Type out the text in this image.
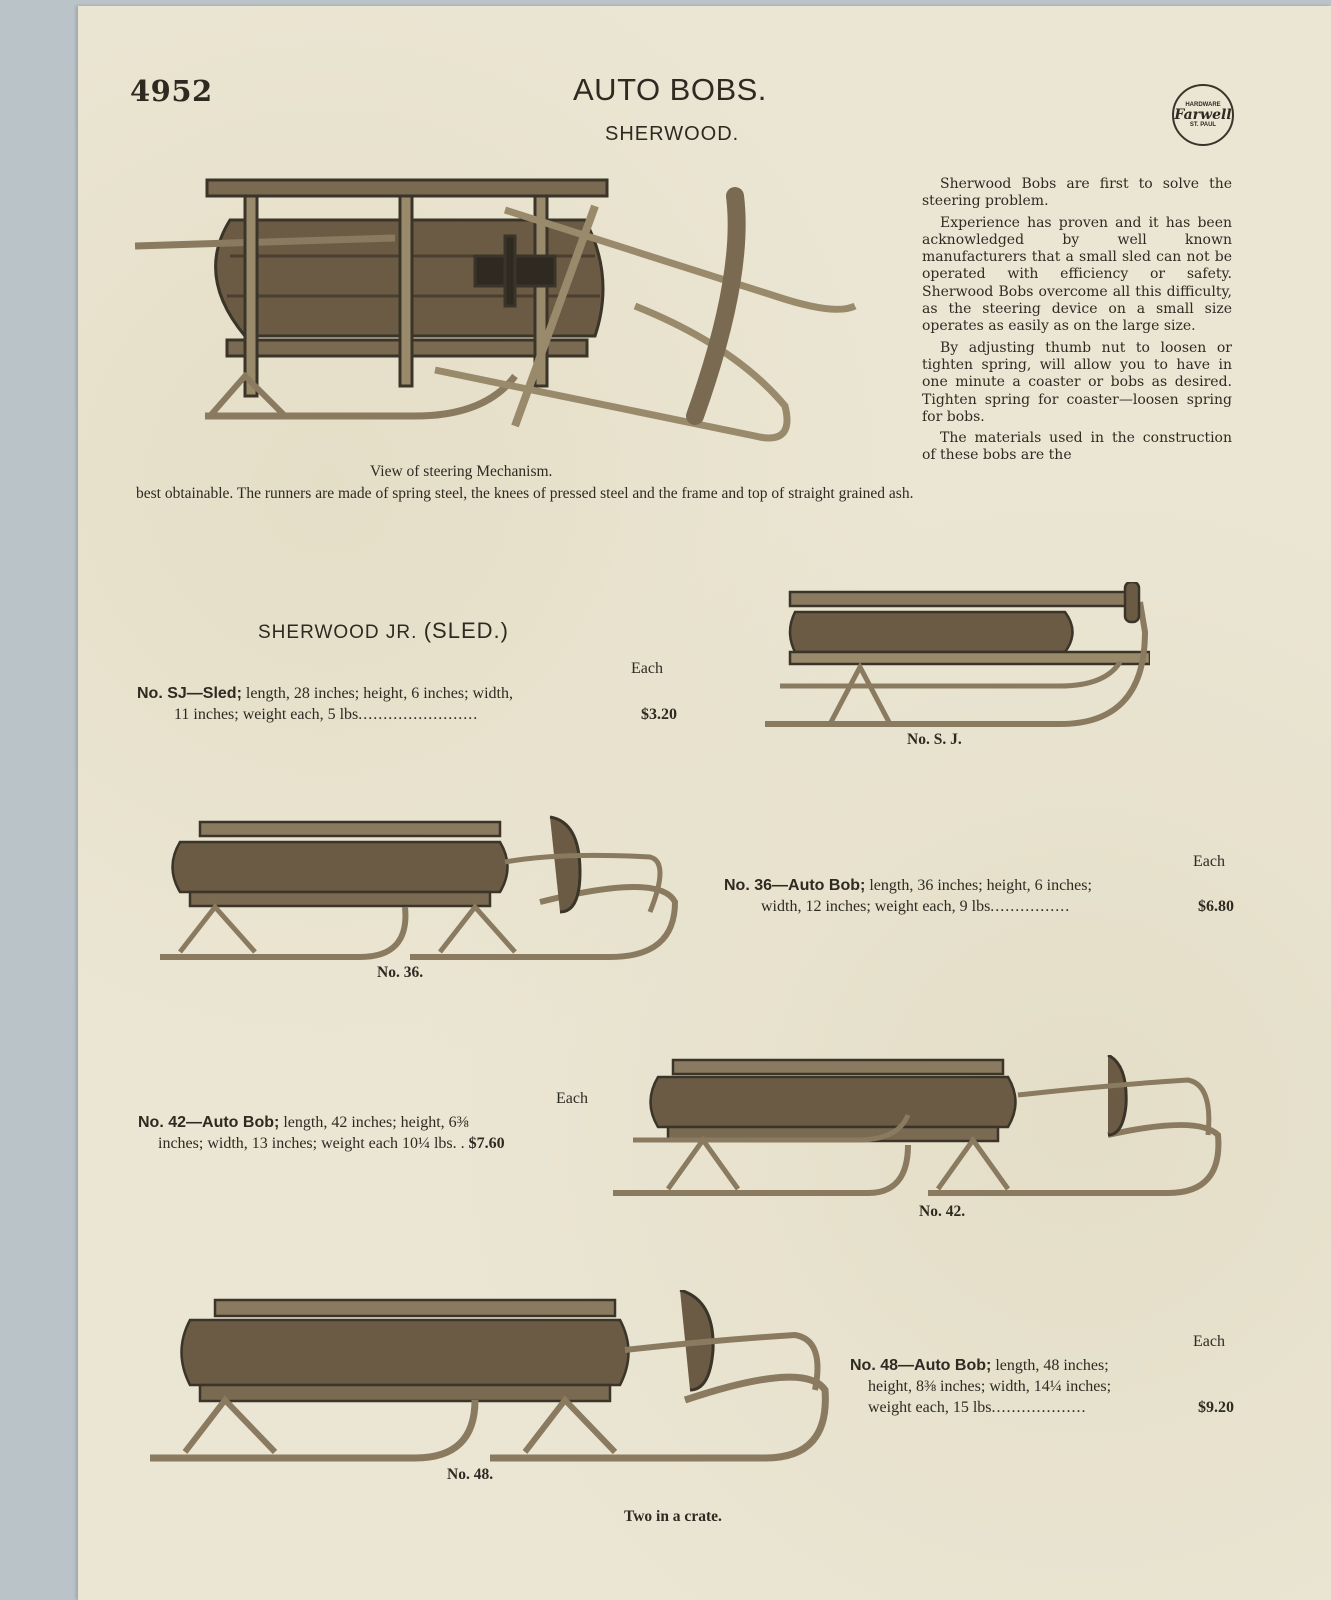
4952	AUTO BOBS.
SHERWOOD.
HARDWARE
Farwell
ST. PAUL
View of steering Mechanism.

Sherwood Bobs are first to solve the steering problem.

Experience has proven and it has been acknowledged by well known manufacturers that a small sled can not be operated with efficiency or safety. Sherwood Bobs overcome all this difficulty, as the steering device on a small size operates as easily as on the large size.

By adjusting thumb nut to loosen or tighten spring, will allow you to have in one minute a coaster or bobs as desired. Tighten spring for coaster—loosen spring for bobs.

The materials used in the construction of these bobs are the

best obtainable. The runners are made of spring steel, the knees of pressed steel and the frame and top of straight grained ash.
SHERWOOD JR. (SLED.)
Each
No. SJ—Sled; length, 28 inches; height, 6 inches; width,
11 inches; weight each, 5 lbs ........................	$3.20
No. S. J.
No. 36.
Each
No. 36—Auto Bob; length, 36 inches; height, 6 inches;
width, 12 inches; weight each, 9 lbs ................	$6.80
Each
No. 42—Auto Bob; length, 42 inches; height, 6⅜
inches; width, 13 inches; weight each 10¼ lbs. . $7.60
No. 42.
Each
No. 48—Auto Bob; length, 48 inches;
height, 8⅜ inches; width, 14¼ inches;
weight each, 15 lbs ...................	$9.20
No. 48.
Two in a crate.
